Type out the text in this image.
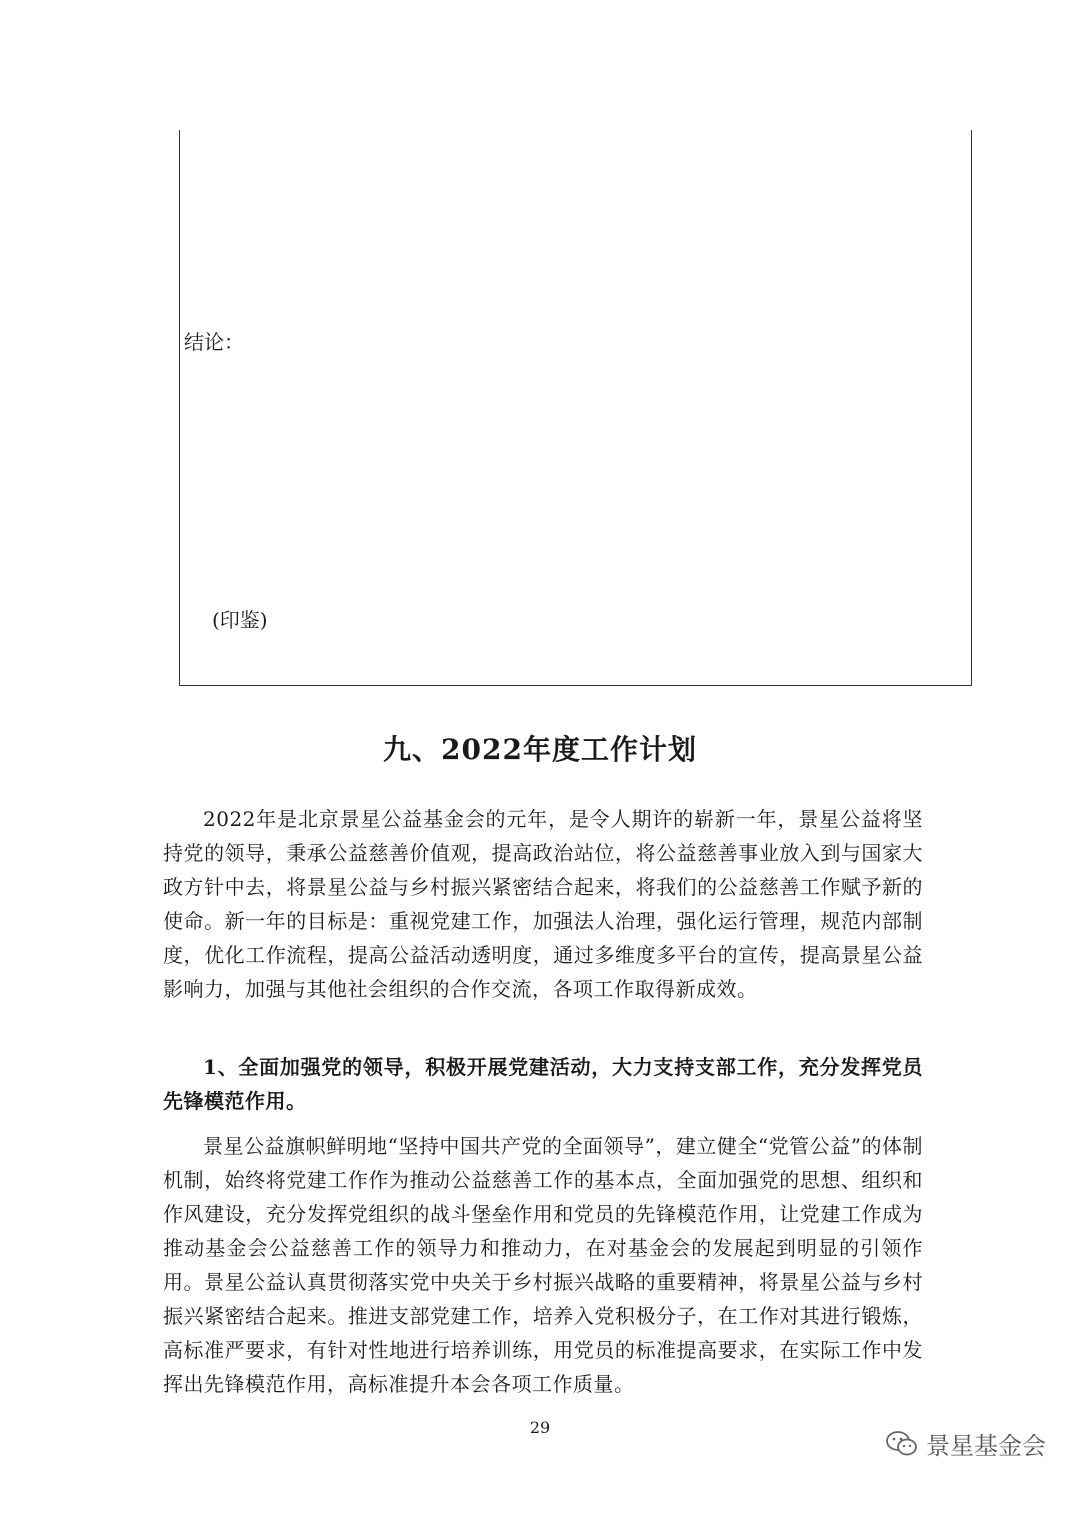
结论：
(印鉴)
九、2022年度工作计划

2022年是北京景星公益基金会的元年，是令人期许的崭新一年，景星公益将坚持党的领导，秉承公益慈善价值观，提高政治站位，将公益慈善事业放入到与国家大政方针中去，将景星公益与乡村振兴紧密结合起来，将我们的公益慈善工作赋予新的使命。新一年的目标是：重视党建工作，加强法人治理，强化运行管理，规范内部制度，优化工作流程，提高公益活动透明度，通过多维度多平台的宣传，提高景星公益影响力，加强与其他社会组织的合作交流，各项工作取得新成效。

1、全面加强党的领导，积极开展党建活动，大力支持支部工作，充分发挥党员先锋模范作用。

景星公益旗帜鲜明地“坚持中国共产党的全面领导”，建立健全“党管公益”的体制机制，始终将党建工作作为推动公益慈善工作的基本点，全面加强党的思想、组织和作风建设，充分发挥党组织的战斗堡垒作用和党员的先锋模范作用，让党建工作成为推动基金会公益慈善工作的领导力和推动力，在对基金会的发展起到明显的引领作用。景星公益认真贯彻落实党中央关于乡村振兴战略的重要精神，将景星公益与乡村振兴紧密结合起来。推进支部党建工作，培养入党积极分子，在工作对其进行锻炼，高标准严要求，有针对性地进行培养训练，用党员的标准提高要求，在实际工作中发挥出先锋模范作用，高标准提升本会各项工作质量。

29
景星基金会
